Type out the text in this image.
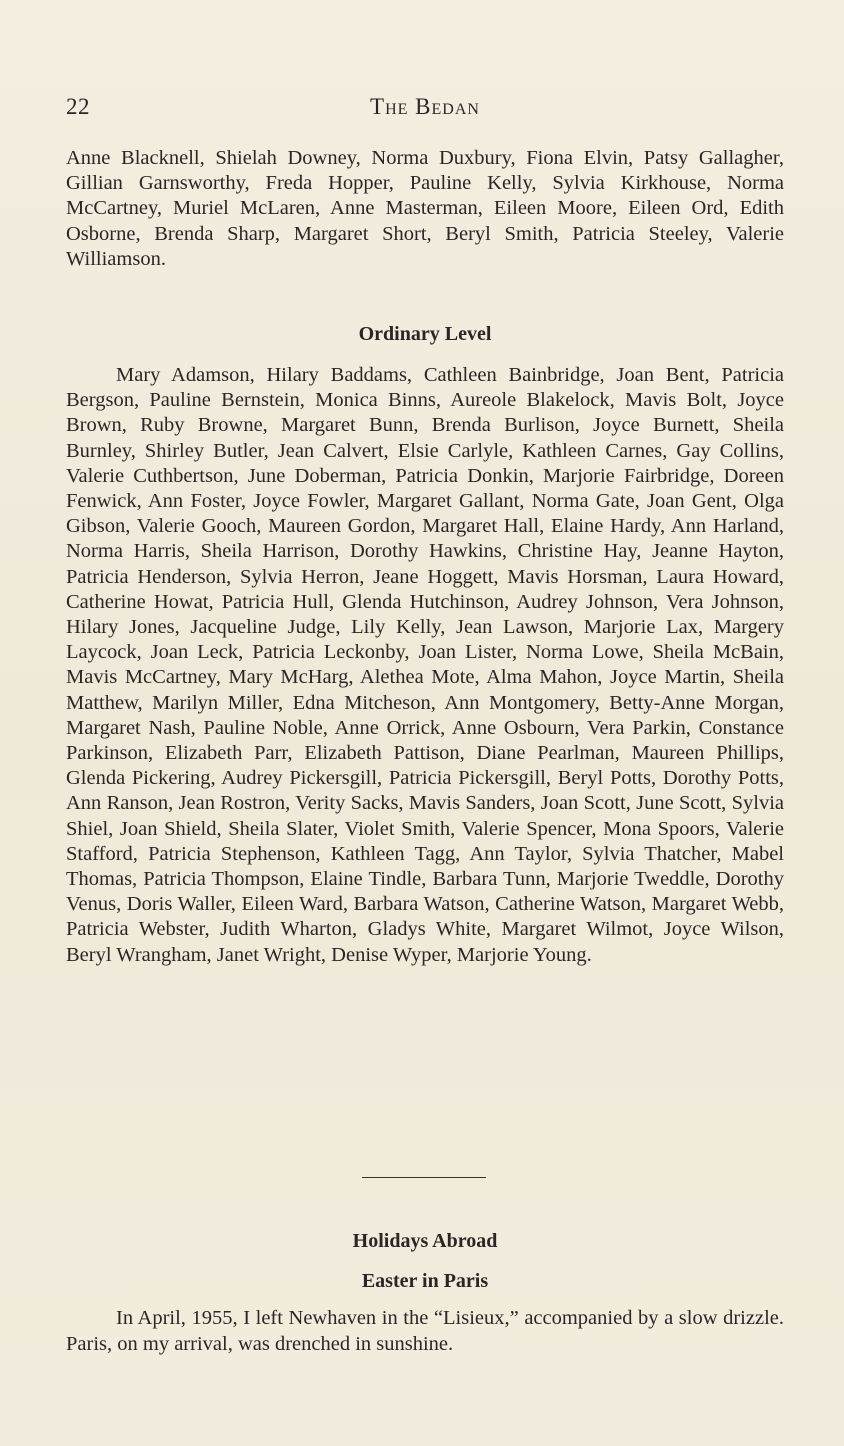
22	The Bedan

Anne Blacknell, Shielah Downey, Norma Duxbury, Fiona Elvin, Patsy Gallagher, Gillian Garnsworthy, Freda Hopper, Pauline Kelly, Sylvia Kirkhouse, Norma McCartney, Muriel McLaren, Anne Masterman, Eileen Moore, Eileen Ord, Edith Osborne, Brenda Sharp, Margaret Short, Beryl Smith, Patricia Steeley, Valerie Williamson.

Ordinary Level

Mary Adamson, Hilary Baddams, Cathleen Bainbridge, Joan Bent, Patricia Bergson, Pauline Bernstein, Monica Binns, Aureole Blakelock, Mavis Bolt, Joyce Brown, Ruby Browne, Margaret Bunn, Brenda Burlison, Joyce Burnett, Sheila Burnley, Shirley Butler, Jean Calvert, Elsie Carlyle, Kathleen Carnes, Gay Collins, Valerie Cuthbertson, June Doberman, Patricia Donkin, Marjorie Fairbridge, Doreen Fenwick, Ann Foster, Joyce Fowler, Margaret Gallant, Norma Gate, Joan Gent, Olga Gibson, Valerie Gooch, Maureen Gordon, Margaret Hall, Elaine Hardy, Ann Harland, Norma Harris, Sheila Harrison, Dorothy Hawkins, Christine Hay, Jeanne Hayton, Patricia Henderson, Sylvia Herron, Jeane Hoggett, Mavis Horsman, Laura Howard, Catherine Howat, Patricia Hull, Glenda Hutchinson, Audrey Johnson, Vera Johnson, Hilary Jones, Jacqueline Judge, Lily Kelly, Jean Lawson, Marjorie Lax, Margery Laycock, Joan Leck, Patricia Leckonby, Joan Lister, Norma Lowe, Sheila McBain, Mavis McCartney, Mary McHarg, Alethea Mote, Alma Mahon, Joyce Martin, Sheila Matthew, Marilyn Miller, Edna Mitcheson, Ann Montgomery, Betty-Anne Morgan, Margaret Nash, Pauline Noble, Anne Orrick, Anne Osbourn, Vera Parkin, Constance Parkinson, Elizabeth Parr, Elizabeth Pattison, Diane Pearlman, Maureen Phillips, Glenda Pickering, Audrey Pickersgill, Patricia Pickersgill, Beryl Potts, Dorothy Potts, Ann Ranson, Jean Rostron, Verity Sacks, Mavis Sanders, Joan Scott, June Scott, Sylvia Shiel, Joan Shield, Sheila Slater, Violet Smith, Valerie Spencer, Mona Spoors, Valerie Stafford, Patricia Stephenson, Kathleen Tagg, Ann Taylor, Sylvia Thatcher, Mabel Thomas, Patricia Thompson, Elaine Tindle, Barbara Tunn, Marjorie Tweddle, Dorothy Venus, Doris Waller, Eileen Ward, Barbara Watson, Catherine Watson, Margaret Webb, Patricia Webster, Judith Wharton, Gladys White, Margaret Wilmot, Joyce Wilson, Beryl Wrangham, Janet Wright, Denise Wyper, Marjorie Young.

Holidays Abroad
Easter in Paris

In April, 1955, I left Newhaven in the “Lisieux,” accompanied by a slow drizzle. Paris, on my arrival, was drenched in sunshine.
